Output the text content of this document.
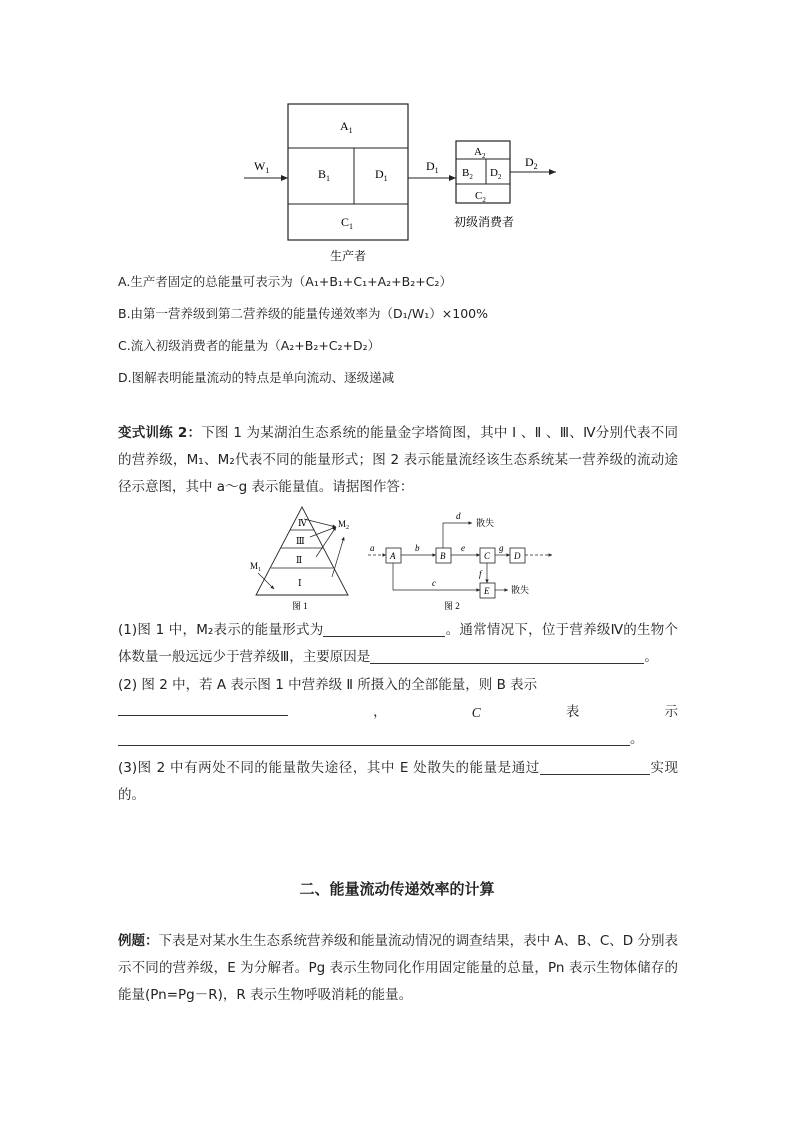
$W_1$
$A_1$
$B_1$	$D_1$
$C_1$
生产者
$D_1$
$A_2$
$B_2$ $D_2$
$C_2$
初级消费者
$D_2$
A.生产者固定的总能量可表示为（A₁+B₁+C₁+A₂+B₂+C₂）
B.由第一营养级到第二营养级的能量传递效率为（D₁/W₁）×100%
C.流入初级消费者的能量为（A₂+B₂+C₂+D₂）
D.图解表明能量流动的特点是单向流动、逐级递减
变式训练 2：下图 1 为某湖泊生态系统的能量金字塔简图，其中 Ⅰ 、Ⅱ 、Ⅲ、Ⅳ分别代表不同的营养级，M₁、M₂代表不同的能量形式；图 2 表示能量流经该生态系统某一营养级的流动途径示意图，其中 a～g 表示能量值。请据图作答：
Ⅳ
Ⅲ
Ⅱ
Ⅰ
$M_1$
$M_2$
图 1
a
A
b
B
d
散失
e
C
g
D
f
c
E 散失
图 2
(1)图 1 中，M₂表示的能量形式为	。通常情况下，位于营养级Ⅳ的生物个体数量一般远远少于营养级Ⅲ，主要原因是	。
(2) 图 2 中，若 A 表示图 1 中营养级 Ⅱ 所摄入的全部能量，则 B 表示
，	C	表	示
。
(3)图 2 中有两处不同的能量散失途径，其中 E 处散失的能量是通过	实现的。
二、能量流动传递效率的计算
例题：下表是对某水生生态系统营养级和能量流动情况的调查结果，表中 A、B、C、D 分别表示不同的营养级，E 为分解者。Pg 表示生物同化作用固定能量的总量，Pn 表示生物体储存的能量(Pn=Pg－R)，R 表示生物呼吸消耗的能量。
